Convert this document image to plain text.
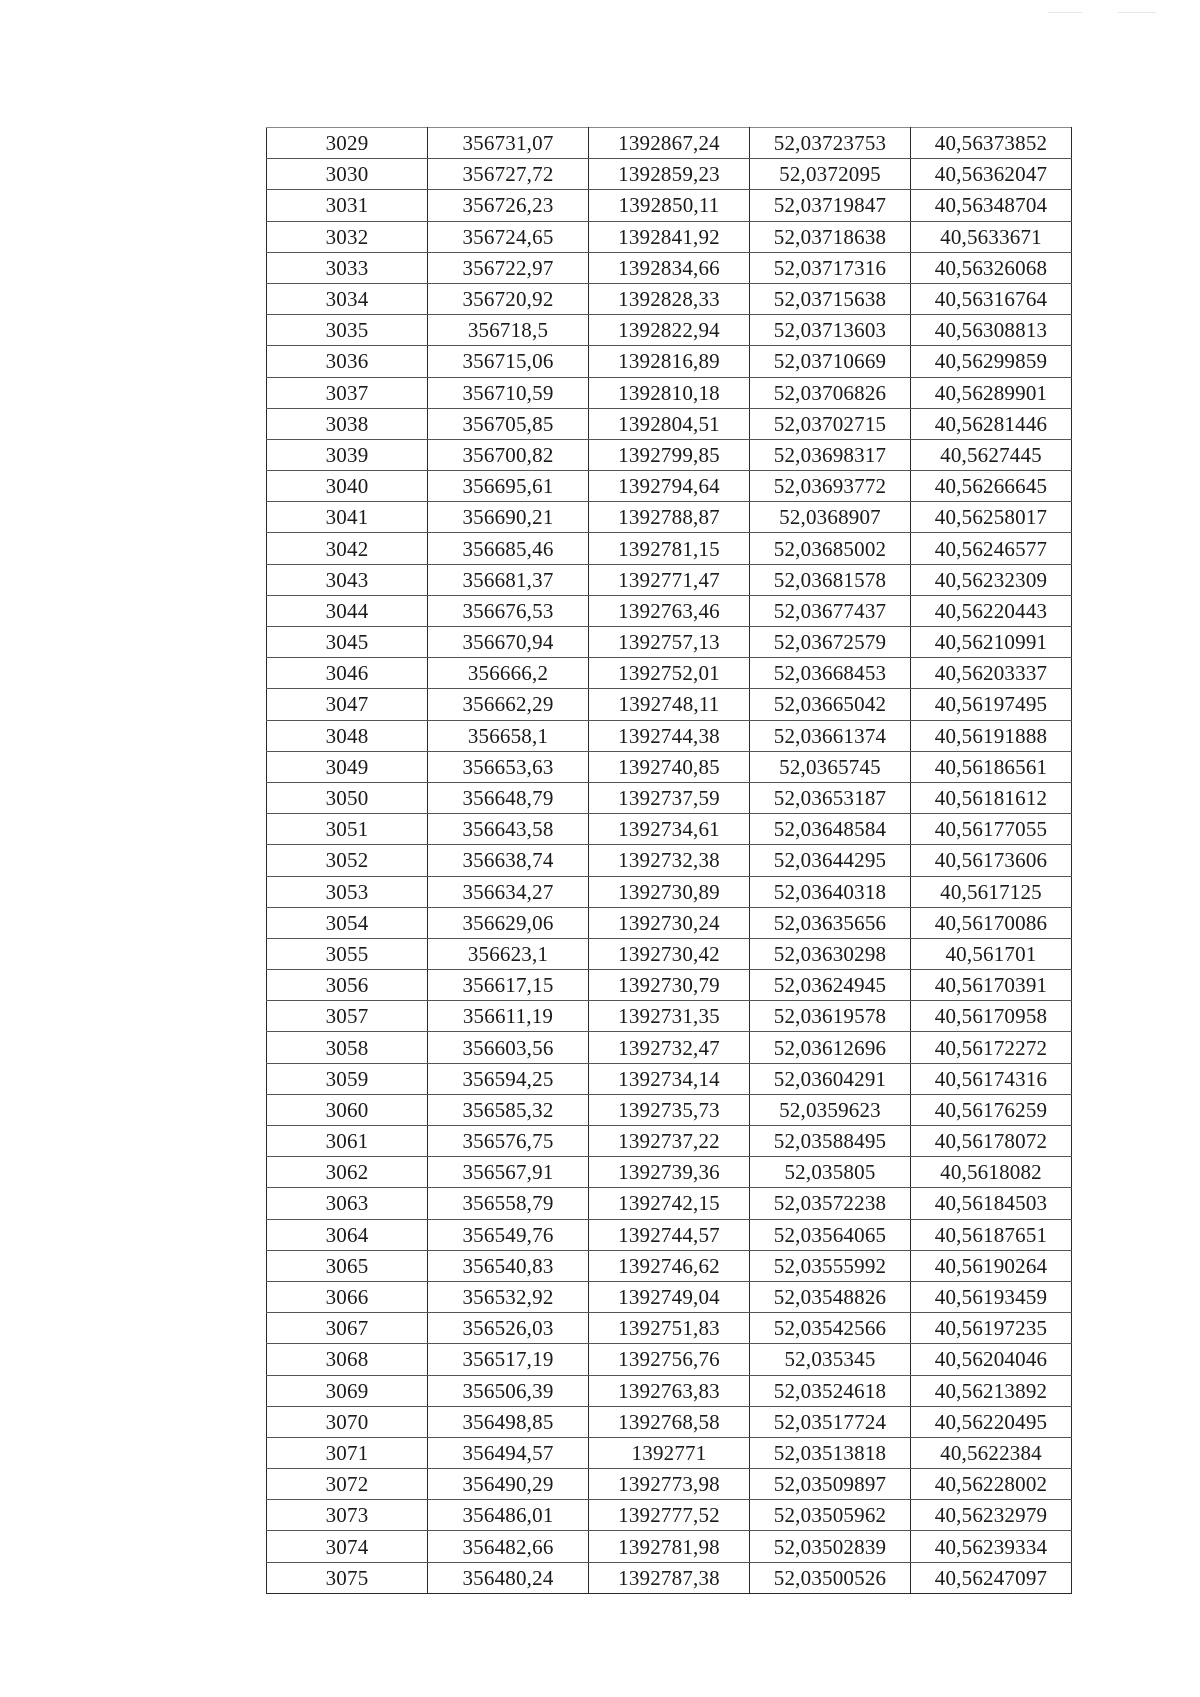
3029	356731,07	1392867,24	52,03723753	40,56373852
3030	356727,72	1392859,23	52,0372095	40,56362047
3031	356726,23	1392850,11	52,03719847	40,56348704
3032	356724,65	1392841,92	52,03718638	40,5633671
3033	356722,97	1392834,66	52,03717316	40,56326068
3034	356720,92	1392828,33	52,03715638	40,56316764
3035	356718,5	1392822,94	52,03713603	40,56308813
3036	356715,06	1392816,89	52,03710669	40,56299859
3037	356710,59	1392810,18	52,03706826	40,56289901
3038	356705,85	1392804,51	52,03702715	40,56281446
3039	356700,82	1392799,85	52,03698317	40,5627445
3040	356695,61	1392794,64	52,03693772	40,56266645
3041	356690,21	1392788,87	52,0368907	40,56258017
3042	356685,46	1392781,15	52,03685002	40,56246577
3043	356681,37	1392771,47	52,03681578	40,56232309
3044	356676,53	1392763,46	52,03677437	40,56220443
3045	356670,94	1392757,13	52,03672579	40,56210991
3046	356666,2	1392752,01	52,03668453	40,56203337
3047	356662,29	1392748,11	52,03665042	40,56197495
3048	356658,1	1392744,38	52,03661374	40,56191888
3049	356653,63	1392740,85	52,0365745	40,56186561
3050	356648,79	1392737,59	52,03653187	40,56181612
3051	356643,58	1392734,61	52,03648584	40,56177055
3052	356638,74	1392732,38	52,03644295	40,56173606
3053	356634,27	1392730,89	52,03640318	40,5617125
3054	356629,06	1392730,24	52,03635656	40,56170086
3055	356623,1	1392730,42	52,03630298	40,561701
3056	356617,15	1392730,79	52,03624945	40,56170391
3057	356611,19	1392731,35	52,03619578	40,56170958
3058	356603,56	1392732,47	52,03612696	40,56172272
3059	356594,25	1392734,14	52,03604291	40,56174316
3060	356585,32	1392735,73	52,0359623	40,56176259
3061	356576,75	1392737,22	52,03588495	40,56178072
3062	356567,91	1392739,36	52,035805	40,5618082
3063	356558,79	1392742,15	52,03572238	40,56184503
3064	356549,76	1392744,57	52,03564065	40,56187651
3065	356540,83	1392746,62	52,03555992	40,56190264
3066	356532,92	1392749,04	52,03548826	40,56193459
3067	356526,03	1392751,83	52,03542566	40,56197235
3068	356517,19	1392756,76	52,035345	40,56204046
3069	356506,39	1392763,83	52,03524618	40,56213892
3070	356498,85	1392768,58	52,03517724	40,56220495
3071	356494,57	1392771	52,03513818	40,5622384
3072	356490,29	1392773,98	52,03509897	40,56228002
3073	356486,01	1392777,52	52,03505962	40,56232979
3074	356482,66	1392781,98	52,03502839	40,56239334
3075	356480,24	1392787,38	52,03500526	40,56247097
